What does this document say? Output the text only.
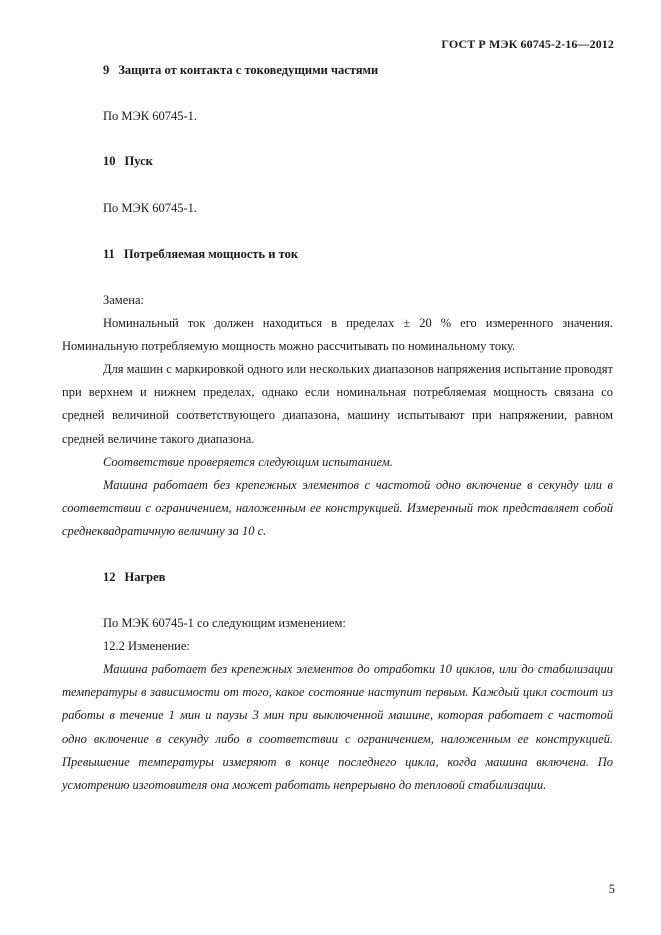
ГОСТ Р МЭК 60745-2-16—2012
9 Защита от контакта с токоведущими частями
По МЭК 60745-1.
10 Пуск
По МЭК 60745-1.
11 Потребляемая мощность и ток
Замена:
Номинальный ток должен находиться в пределах ± 20 % его измеренного значения. Номинальную потребляемую мощность можно рассчитывать по номинальному току.
Для машин с маркировкой одного или нескольких диапазонов напряжения испытание проводят при верхнем и нижнем пределах, однако если номинальная потребляемая мощность связана со средней величиной соответствующего диапазона, машину испытывают при напряжении, равном средней величине такого диапазона.
Соответствие проверяется следующим испытанием.
Машина работает без крепежных элементов с частотой одно включение в секунду или в соответствии с ограничением, наложенным ее конструкцией. Измеренный ток представляет собой среднеквадратичную величину за 10 с.
12 Нагрев
По МЭК 60745-1 со следующим изменением:
12.2 Изменение:
Машина работает без крепежных элементов до отработки 10 циклов, или до стабилизации температуры в зависимости от того, какое состояние наступит первым. Каждый цикл состоит из работы в течение 1 мин и паузы 3 мин при выключенной машине, которая работает с частотой одно включение в секунду либо в соответствии с ограничением, наложенным ее конструкцией. Превышение температуры измеряют в конце последнего цикла, когда машина включена. По усмотрению изготовителя она может работать непрерывно до тепловой стабилизации.
5
